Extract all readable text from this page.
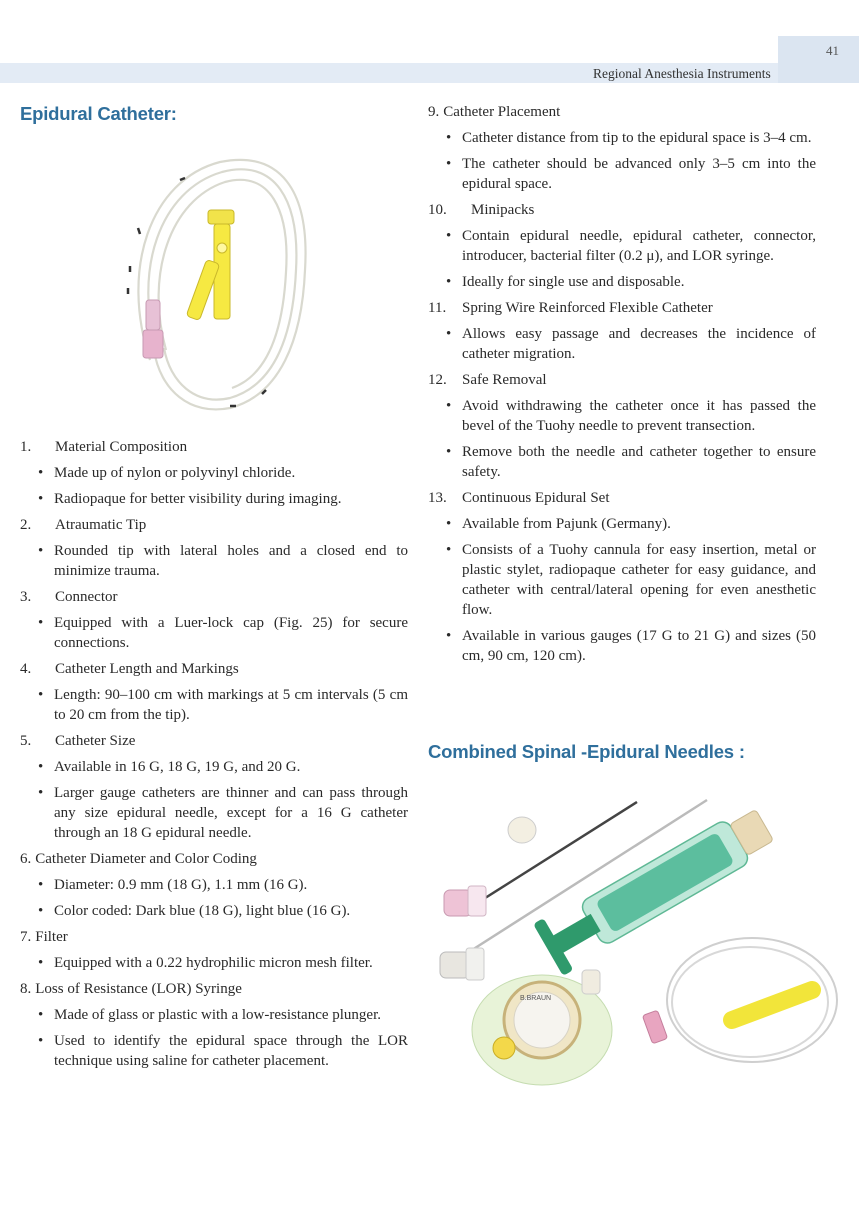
41
Regional Anesthesia Instruments
Epidural Catheter:
Combined Spinal -Epidural Needles :
B.BRAUN
1.	Material Composition
• Made up of nylon or polyvinyl chloride.
• Radiopaque for better visibility during imaging.
2.	Atraumatic Tip
• Rounded tip with lateral holes and a closed end to minimize trauma.
3.	Connector
• Equipped with a Luer-lock cap (Fig. 25) for secure connections.
4.	Catheter Length and Markings
• Length: 90–100 cm with markings at 5 cm intervals (5 cm to 20 cm from the tip).
5.	Catheter Size
• Available in 16 G, 18 G, 19 G, and 20 G.
• Larger gauge catheters are thinner and can pass through any size epidural needle, except for a 16 G catheter through an 18 G epidural needle.
6. Catheter Diameter and Color Coding
• Diameter: 0.9 mm (18 G), 1.1 mm (16 G).
• Color coded: Dark blue (18 G), light blue (16 G).
7. Filter
• Equipped with a 0.22 hydrophilic micron mesh filter.
8. Loss of Resistance (LOR) Syringe
• Made of glass or plastic with a low-resistance plunger.
• Used to identify the epidural space through the LOR technique using saline for catheter placement.
9. Catheter Placement
• Catheter distance from tip to the epidural space is 3–4 cm.
• The catheter should be advanced only 3–5 cm into the epidural space.
10.	Minipacks
• Contain epidural needle, epidural catheter, connector, introducer, bacterial filter (0.2 μ), and LOR syringe.
• Ideally for single use and disposable.
11.	Spring Wire Reinforced Flexible Catheter
• Allows easy passage and decreases the incidence of catheter migration.
12.	Safe Removal
• Avoid withdrawing the catheter once it has passed the bevel of the Tuohy needle to prevent transection.
• Remove both the needle and catheter together to ensure safety.
13.	Continuous Epidural Set
• Available from Pajunk (Germany).
• Consists of a Tuohy cannula for easy insertion, metal or plastic stylet, radiopaque catheter for easy guidance, and catheter with central/lateral opening for even anesthetic flow.
• Available in various gauges (17 G to 21 G) and sizes (50 cm, 90 cm, 120 cm).
